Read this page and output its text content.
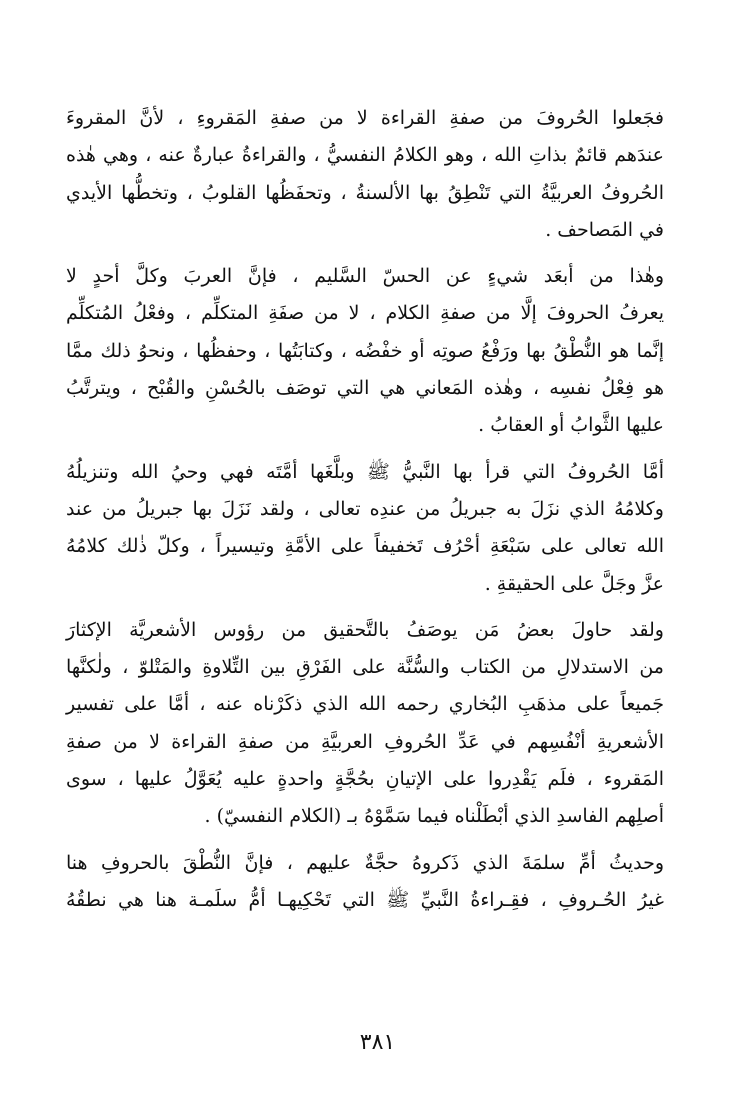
فجَعلوا الحُروفَ من صفةِ القراءة لا من صفةِ المَقروءِ ، لأنَّ المقروءَ
عندَهم قائمٌ بذاتِ الله ، وهو الكلامُ النفسيُّ ، والقراءةُ عبارةٌ عنه ، وهي هٰذه
الحُروفُ العربيَّةُ التي تَنْطِقُ بها الألسنةُ ، وتحفَظُها القلوبُ ، وتخطُّها الأيدي
في المَصاحف .

وهٰذا من أبعَد شيءٍ عن الحسّ السَّليم ، فإنَّ العربَ وكلَّ أحدٍ لا
يعرفُ الحروفَ إلَّا من صفةِ الكلام ، لا من صفَةِ المتكلِّم ، وفعْلُ المُتكلِّم
إنَّما هو النُّطْقُ بها ورَفْعُ صوتِه أو خفْضُه ، وكتابَتُها ، وحفظُها ، ونحوُ ذلك ممَّا
هو فِعْلُ نفسِه ، وهٰذه المَعاني هي التي توصَف بالحُسْنِ والقُبْح ، ويترتَّبُ
عليها الثَّوابُ أو العقابُ .

أمَّا الحُروفُ التي قرأ بها النَّبيُّ ﷺ وبلَّغَها أمَّتَه فهي وحيُ الله وتنزيلُهُ
وكلامُهُ الذي نزَلَ به جبريلُ من عندِه تعالى ، ولقد نَزَلَ بها جبريلُ من عند
الله تعالى على سَبْعَةِ أحْرُف تَخفيفاً على الأمَّةِ وتيسيراً ، وكلّ ذٰلك كلامُهُ
عزَّ وجَلَّ على الحقيقةِ .

ولقد حاولَ بعضُ مَن يوصَفُ بالتَّحقيق من رؤوس الأشعريَّة الإكثارَ
من الاستدلالِ من الكتاب والسُّنَّة على الفَرْقِ بين التِّلاوةِ والمَتْلوّ ، ولٰكنَّها
جَميعاً على مذهَبِ البُخاري رحمه الله الذي ذكَرْناه عنه ، أمَّا على تفسير
الأشعريةِ أنْفُسِهم في عَدِّ الحُروفِ العربيَّةِ من صفةِ القراءة لا من صفةِ
المَقروء ، فلَم يَقْدِروا على الإتيانِ بحُجَّةٍ واحدةٍ عليه يُعَوَّلُ عليها ، سوى
أصلِهم الفاسدِ الذي أبْطَلْناه فيما سَمَّوْهُ بـ (الكلام النفسيّ) .

وحديثُ أمِّ سلمَةَ الذي ذَكروهُ حجَّةٌ عليهم ، فإنَّ النُّطْقَ بالحروفِ هنا
غيرُ الحُـروفِ ، فقِـراءةُ النَّبيِّ ﷺ التي تَحْكِيهـا أمُّ سلَمـة هنا هي نطقُهُ

٣٨١
